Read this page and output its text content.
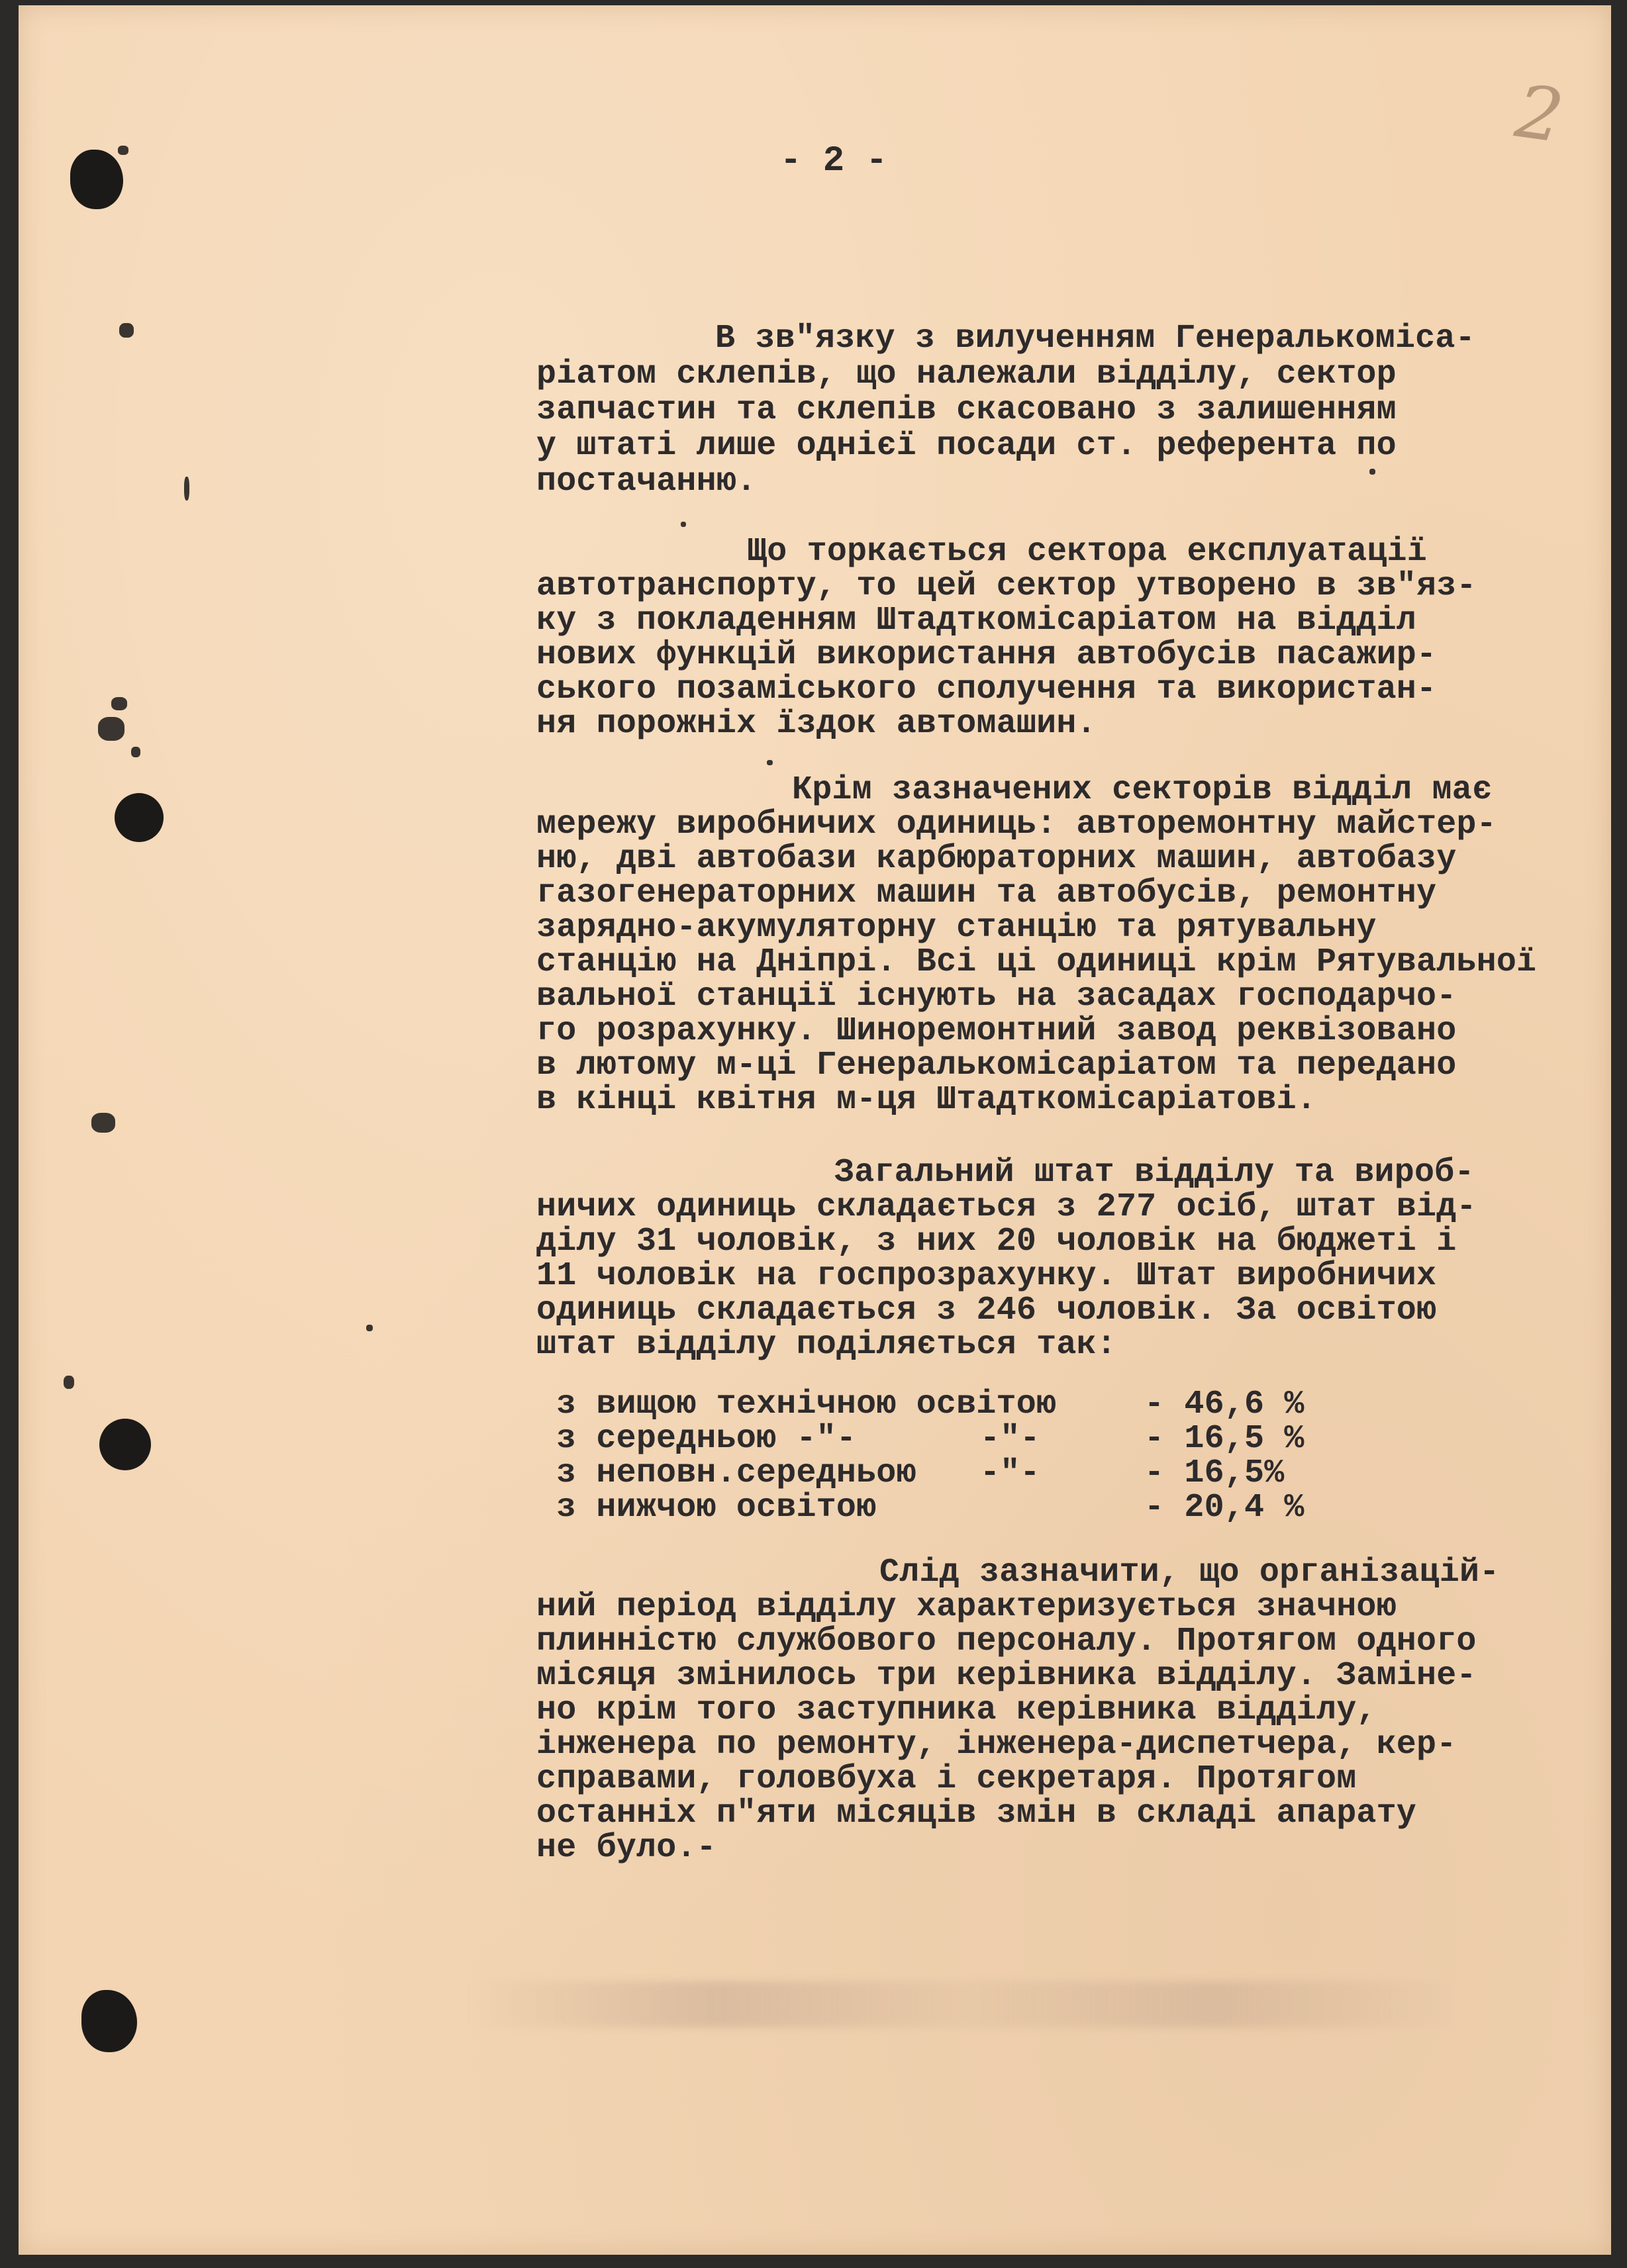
2
- 2 -
В зв"язку з вилученням Генералькоміса-
ріатом склепів, що належали відділу, сектор
запчастин та склепів скасовано з залишенням
у штаті лише однієї посади ст. референта по
постачанню.
Що торкається сектора експлуатації
автотранспорту, то цей сектор утворено в зв"яз-
ку з покладенням Штадткомісаріатом на відділ
нових функцій використання автобусів пасажир-
ського позаміського сполучення та використан-
ня порожніх їздок автомашин.
Крім зазначених секторів відділ має
мережу виробничих одиниць: авторемонтну майстер-
ню, дві автобази карбюраторних машин, автобазу
газогенераторних машин та автобусів, ремонтну
зарядно-акумуляторну станцію та рятувальну
станцію на Дніпрі. Всі ці одиниці крім Рятувальної
вальної станції існують на засадах господарчо-
го розрахунку. Шиноремонтний завод реквізовано
в лютому м-ці Генералькомісаріатом та передано
в кінці квітня м-ця Штадткомісаріатові.
Загальний штат відділу та вироб-
ничих одиниць складається з 277 осіб, штат від-
ділу 31 чоловік, з них 20 чоловік на бюджеті і
11 чоловік на госпрозрахунку. Штат виробничих
одиниць складається з 246 чоловік. За освітою
штат відділу поділяється так:
з вищою технічною освітою	- 46,6 %
з середньою -"-	-"-	- 16,5 %
з неповн.середньою -"-	- 16,5%
з нижчою освітою	- 20,4 %
Слід зазначити, що організацій-
ний період відділу характеризується значною
плинністю службового персоналу. Протягом одного
місяця змінилось три керівника відділу. Заміне-
но крім того заступника керівника відділу,
інженера по ремонту, інженера-диспетчера, кер-
справами, головбуха і секретаря. Протягом
останніх п"яти місяців змін в складі апарату
не було.-
